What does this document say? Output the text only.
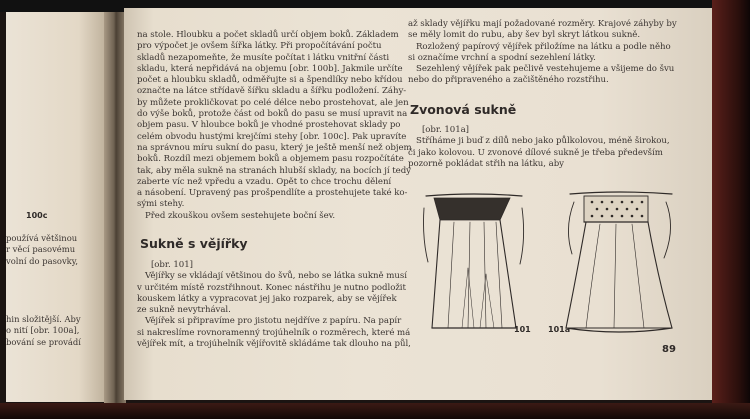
100c
používá většinou
r věcí pasovému
volní do pasovky,
hin složitější. Aby
o nití [obr. 100a],
bování se provádí
na stole. Hloubku a počet skladů určí objem boků. Základem
pro výpočet je ovšem šířka látky. Při propočítávání počtu
skladů nezapomeňte, že musíte počítat i látku vnitřní části
skladu, která nepřidává na objemu [obr. 100b]. Jakmile určíte
počet a hloubku skladů, odměřujte si a špendlíky nebo křídou
označte na látce střídavě šířku skladu a šířku podložení. Záhy-
by můžete prokličkovat po celé délce nebo prostehovat, ale jen
do výše boků, protože část od boků do pasu se musí upravit na
objem pasu. V hloubce boků je vhodné prostehovat sklady po
celém obvodu hustými krejčími stehy [obr. 100c]. Pak upravíte
na správnou míru sukní do pasu, který je ještě menší než objem
boků. Rozdíl mezi objemem boků a objemem pasu rozpočítáte
tak, aby měla sukně na stranách hlubší sklady, na bocích jí tedy
zaberte víc než vpředu a vzadu. Opět to chce trochu dělení
a násobení. Upravený pas prošpendlíte a prostehujete také ko-
sými stehy.
Před zkouškou ovšem sestehujete boční šev.
Sukně s vějířky
[obr. 101]
Vějířky se vkládají většinou do švů, nebo se látka sukně musí
v určitém místě rozstřihnout. Konec nástřihu je nutno podložit
kouskem látky a vypracovat jej jako rozparek, aby se vějířek
ze sukně nevytrhával.
Vějířek si připravíme pro jistotu nejdříve z papíru. Na papír
si nakreslíme rovnoramenný trojúhelník o rozměrech, které má
vějířek mít, a trojúhelník vějířovitě skládáme tak dlouho na půl,
až sklady vějířku mají požadované rozměry. Krajové záhyby by
se měly lomit do rubu, aby šev byl skryt látkou sukně.
Rozložený papírový vějířek přiložíme na látku a podle něho
si označíme vrchní a spodní sezehlení látky.
Sezehlený vějířek pak pečlivě vestehujeme a všijeme do švu
nebo do připraveného a začištěného rozstřihu.
Zvonová sukně
[obr. 101a]
Stříháme ji buď z dílů nebo jako půlkolovou, méně širokou,
či jako kolovou. U zvonové dílové sukně je třeba především
pozorně pokládat střih na látku, aby
101 101a
89
